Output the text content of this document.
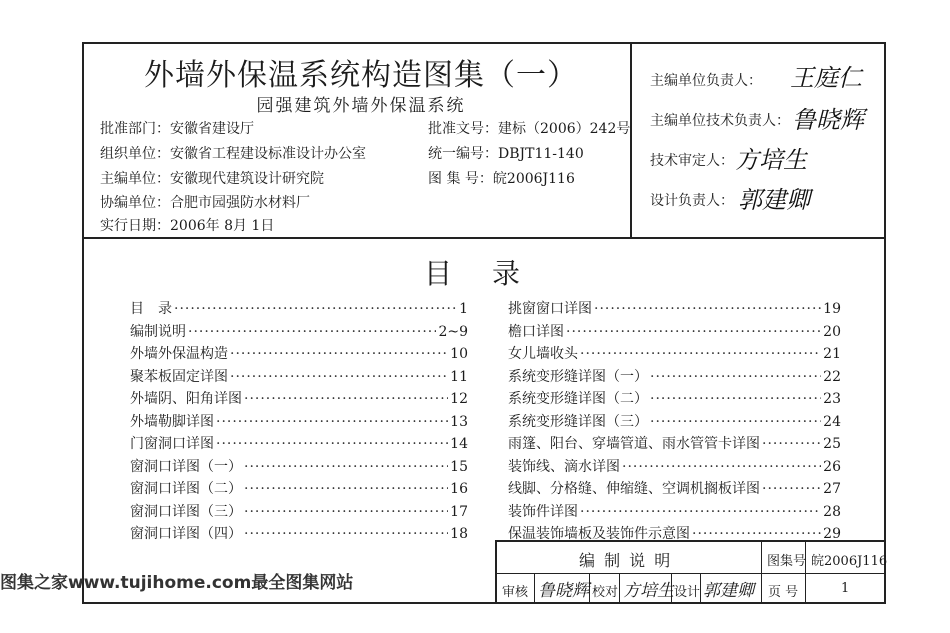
外墙外保温系统构造图集（一）
园强建筑外墙外保温系统
批准部门：安徽省建设厅
组织单位：安徽省工程建设标准设计办公室
主编单位：安徽现代建筑设计研究院
协编单位：合肥市园强防水材料厂
实行日期：2006年 8月 1日
批准文号：建标（2006）242号
统一编号：DBJT11-140
图 集 号：皖2006J116
主编单位负责人： 王庭仁
主编单位技术负责人： 鲁晓辉
技术审定人： 方培生
设计负责人： 郭建卿
目　录
目　录 ·····	1
编制说明 ·····	2~9
外墙外保温构造 ·····	10
聚苯板固定详图 ·····	11
外墙阴、阳角详图 ·····	12
外墙勒脚详图 ·····	13
门窗洞口详图 ·····	14
窗洞口详图（一） ·····	15
窗洞口详图（二） ·····	16
窗洞口详图（三） ·····	17
窗洞口详图（四） ·····	18
挑窗窗口详图 ·····	19
檐口详图 ·····	20
女儿墙收头 ·····	21
系统变形缝详图（一） ·····	22
系统变形缝详图（二） ·····	23
系统变形缝详图（三） ·····	24
雨篷、阳台、穿墙管道、雨水管管卡详图 ·····	25
装饰线、滴水详图 ·····	26
线脚、分格缝、伸缩缝、空调机搁板详图 ·····	27
装饰件详图 ·····	28
保温装饰墙板及装饰件示意图 ·····	29
编 制 说 明	图集号 皖2006J116
审核 鲁晓辉 校对 方培生 设计 郭建卿 页 号	1
图集之家www.tujihome.com最全图集网站
